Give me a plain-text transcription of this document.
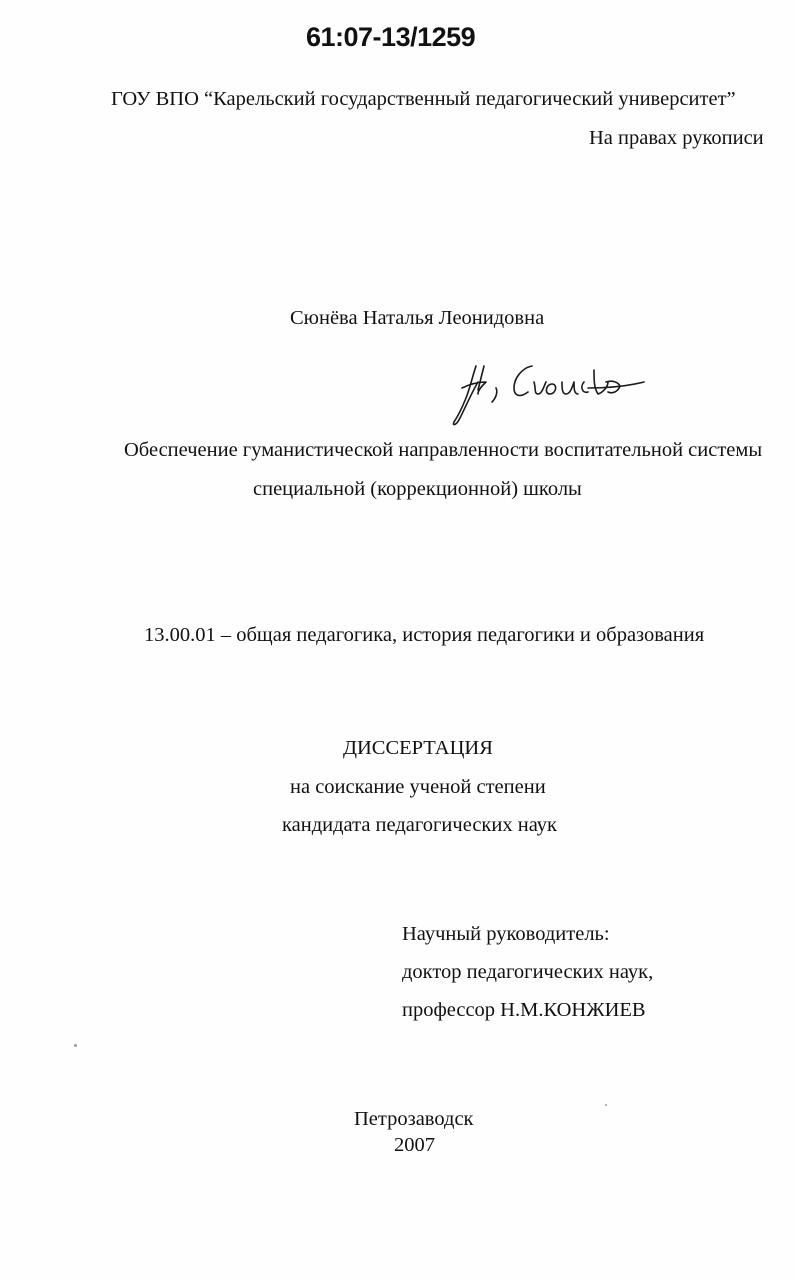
61:07-13/1259
ГОУ ВПО “Карельский государственный педагогический университет”
На правах рукописи
Сюнёва Наталья Леонидовна
Обеспечение гуманистической направленности воспитательной системы
специальной (коррекционной) школы
13.00.01 – общая педагогика, история педагогики и образования
ДИССЕРТАЦИЯ
на соискание ученой степени
кандидата педагогических наук
Научный руководитель:
доктор педагогических наук,
профессор Н.М.КОНЖИЕВ
Петрозаводск
2007
